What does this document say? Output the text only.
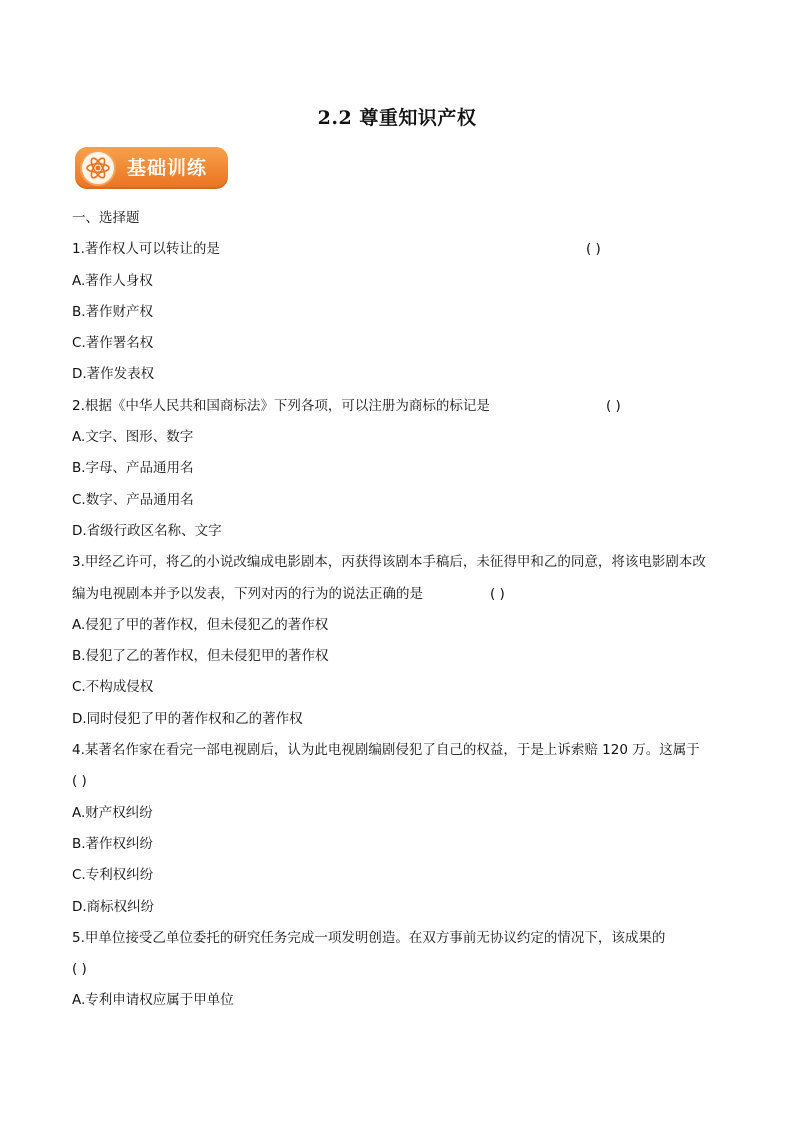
2.2 尊重知识产权
基础训练
一、选择题
1.著作权人可以转让的是	( )
A.著作人身权
B.著作财产权
C.著作署名权
D.著作发表权
2.根据《中华人民共和国商标法》下列各项，可以注册为商标的标记是	( )
A.文字、图形、数字
B.字母、产品通用名
C.数字、产品通用名
D.省级行政区名称、文字
3.甲经乙许可，将乙的小说改编成电影剧本，丙获得该剧本手稿后，未征得甲和乙的同意，将该电影剧本改
编为电视剧本并予以发表，下列对丙的行为的说法正确的是	( )
A.侵犯了甲的著作权，但未侵犯乙的著作权
B.侵犯了乙的著作权，但未侵犯甲的著作权
C.不构成侵权
D.同时侵犯了甲的著作权和乙的著作权
4.某著名作家在看完一部电视剧后，认为此电视剧编剧侵犯了自己的权益，于是上诉索赔 120 万。这属于
( )
A.财产权纠纷
B.著作权纠纷
C.专利权纠纷
D.商标权纠纷
5.甲单位接受乙单位委托的研究任务完成一项发明创造。在双方事前无协议约定的情况下，该成果的
( )
A.专利申请权应属于甲单位
